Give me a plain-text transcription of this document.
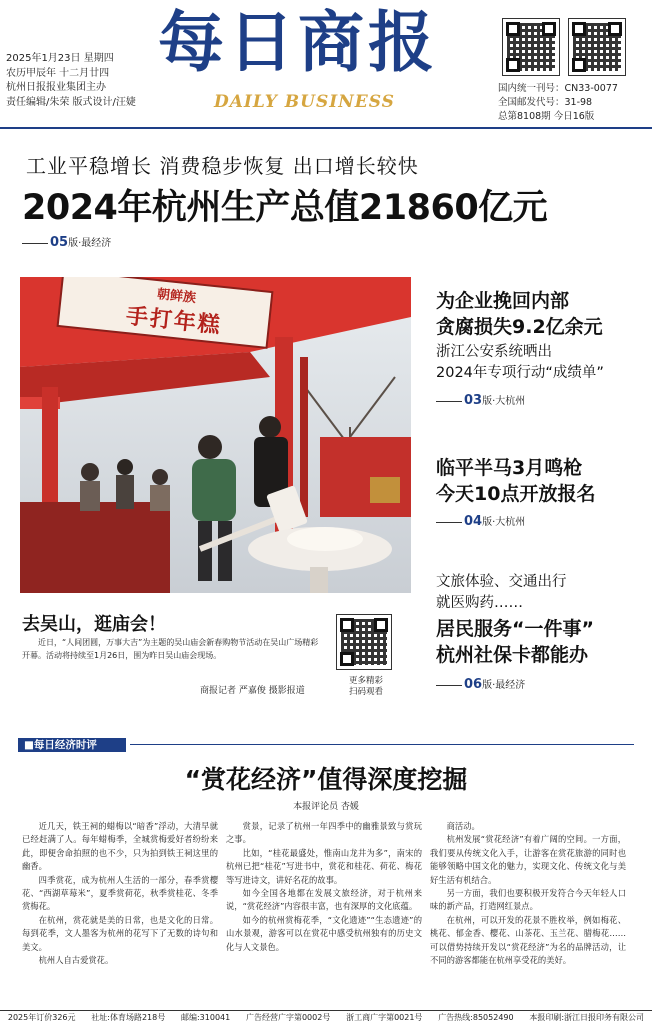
2025年1月23日 星期四
农历甲辰年 十二月廿四
杭州日报报业集团主办
责任编辑/朱荣 版式设计/汪婕
每日商报
DAILY BUSINESS
国内统一刊号：CN33-0077
全国邮发代号：31-98
总第8108期 今日16版
工业平稳增长 消费稳步恢复 出口增长较快
2024年杭州生产总值21860亿元
05版·最经济
朝鲜族
手打年糕
为企业挽回内部
贪腐损失9.2亿余元
浙江公安系统晒出
2024年专项行动“成绩单”
03版·大杭州
临平半马3月鸣枪
今天10点开放报名
04版·大杭州
文旅体验、交通出行
就医购药……
居民服务“一件事”
杭州社保卡都能办
06版·最经济
去吴山，逛庙会！
近日，“人间团圆，万事大吉”为主题的吴山庙会新春购物节活动在吴山广场精彩开幕。活动将持续至1月26日，围为昨日吴山庙会现场。
商报记者 严嘉俊 摄影报道
更多精彩
扫码观看
■每日经济时评
“赏花经济”值得深度挖掘
本报评论员 杏媛

近几天，铁王祠的蜡梅以“暗香”浮动，大清早就已经赶满了人。每年蜡梅季，全城赏梅爱好者纷纷来此，即便舍命拍照的也不少，只为拍到铁王祠这里的幽香。

四季赏花，成为杭州人生活的一部分，春季赏樱花、“西湖草莓米”，夏季赏荷花，秋季赏桂花、冬季赏梅花。

在杭州，赏花就是美的日常，也是文化的日常。每到花季，文人墨客为杭州的花写下了无数的诗句和美文。

杭州人自古爱赏花。

赏景，记录了杭州一年四季中的幽雅景致与赏玩之事。

比如，“桂花最盛处，惟南山龙井为多”，南宋的杭州已把“桂花”写进书中，赏花和桂花、荷花、梅花等写进诗文，讲好名花的故事。

如今全国各地都在发展文旅经济，对于杭州来说，“赏花经济”内容很丰富，也有深厚的文化底蕴。

如今的杭州赏梅花季，“文化遗迹”“生态遗迹”的山水景观，游客可以在赏花中感受杭州独有的历史文化与人文景色。

商活动。

杭州发展“赏花经济”有着广阔的空间。一方面，我们要从传统文化入手，让游客在赏花旅游的同时也能够领略中国文化的魅力，实现文化、传统文化与美好生活有机结合。

另一方面，我们也要积极开发符合今天年轻人口味的新产品，打造网红景点。

在杭州，可以开发的花景不胜枚举，例如梅花、桃花、郁金香、樱花、山茶花、玉兰花、腊梅花……可以借势持续开发以“赏花经济”为名的品牌活动，让不同的游客都能在杭州享受花的美好。

2025年订价326元 社址:体育场路218号 邮编:310041 广告经营广字第0002号 浙工商广字第0021号 广告热线:85052490 本报印刷:浙江日报印务有限公司
